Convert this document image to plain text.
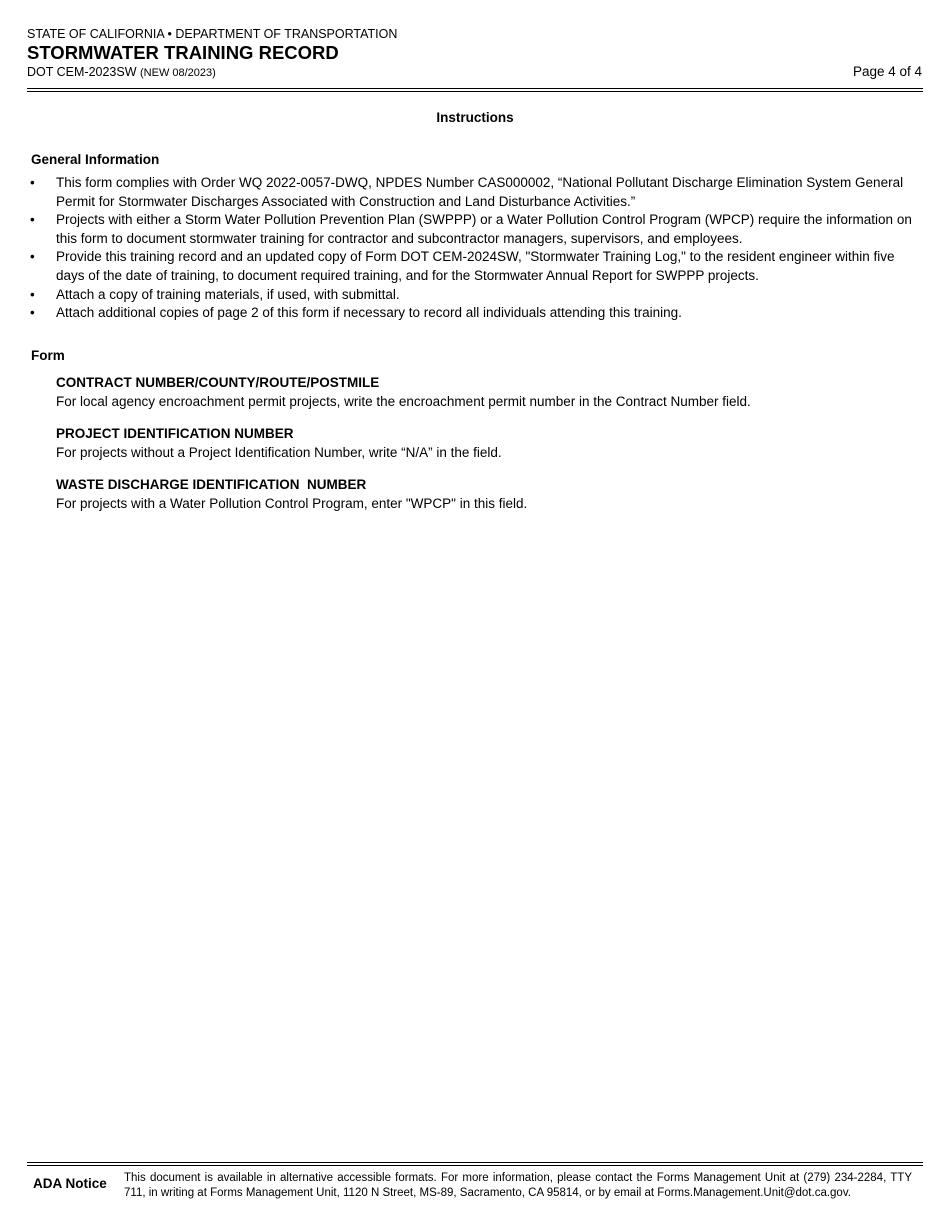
STATE OF CALIFORNIA • DEPARTMENT OF TRANSPORTATION
STORMWATER TRAINING RECORD
DOT CEM-2023SW (NEW 08/2023)	Page 4 of 4
Instructions
General Information
• This form complies with Order WQ 2022-0057-DWQ, NPDES Number CAS000002, “National Pollutant Discharge Elimination System General Permit for Stormwater Discharges Associated with Construction and Land Disturbance Activities.”
• Projects with either a Storm Water Pollution Prevention Plan (SWPPP) or a Water Pollution Control Program (WPCP) require the information on this form to document stormwater training for contractor and subcontractor managers, supervisors, and employees.
• Provide this training record and an updated copy of Form DOT CEM-2024SW, "Stormwater Training Log," to the resident engineer within five days of the date of training, to document required training, and for the Stormwater Annual Report for SWPPP projects.
• Attach a copy of training materials, if used, with submittal.
• Attach additional copies of page 2 of this form if necessary to record all individuals attending this training.
Form
CONTRACT NUMBER/COUNTY/ROUTE/POSTMILE
For local agency encroachment permit projects, write the encroachment permit number in the Contract Number field.
PROJECT IDENTIFICATION NUMBER
For projects without a Project Identification Number, write “N/A” in the field.
WASTE DISCHARGE IDENTIFICATION  NUMBER
For projects with a Water Pollution Control Program, enter "WPCP" in this field.
ADA Notice This document is available in alternative accessible formats. For more information, please contact the Forms Management Unit at (279) 234-2284, TTY 711, in writing at Forms Management Unit, 1120 N Street, MS-89, Sacramento, CA 95814, or by email at Forms.Management.Unit@dot.ca.gov.
